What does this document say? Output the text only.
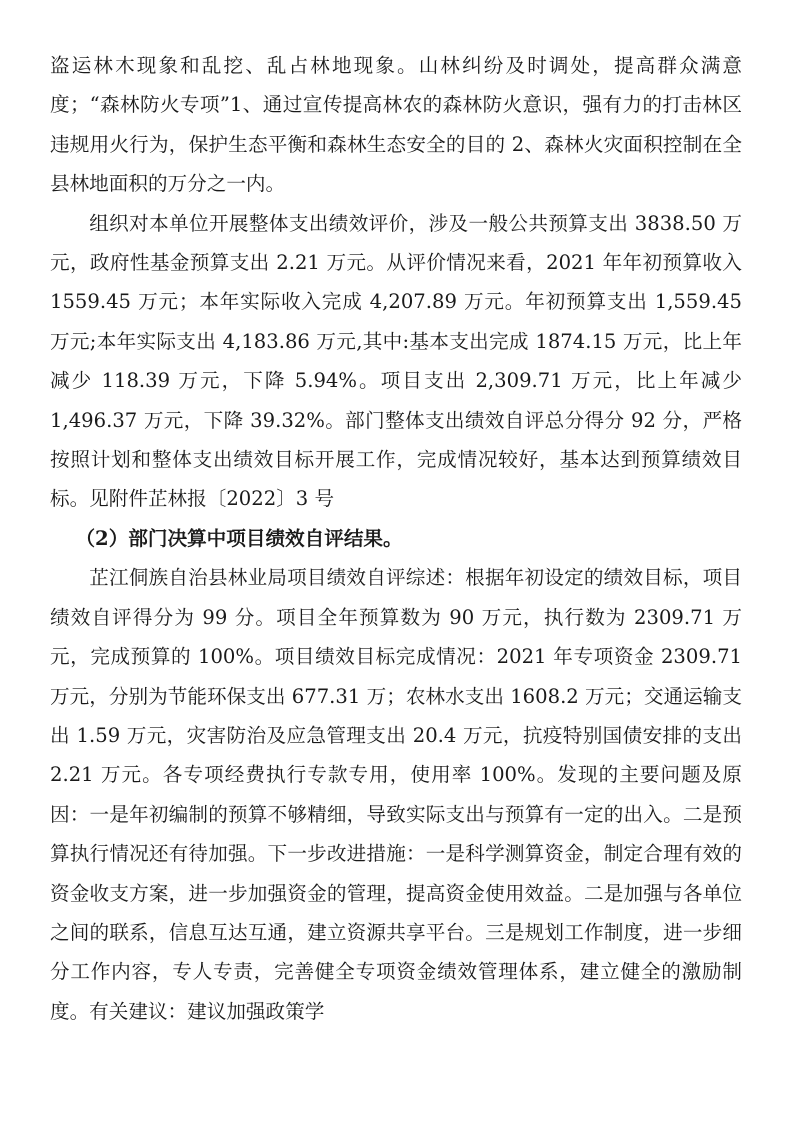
盗运林木现象和乱挖、乱占林地现象。山林纠纷及时调处，提高群众满意度；“森林防火专项”1、通过宣传提高林农的森林防火意识，强有力的打击林区违规用火行为，保护生态平衡和森林生态安全的目的 2、森林火灾面积控制在全县林地面积的万分之一内。

组织对本单位开展整体支出绩效评价，涉及一般公共预算支出 3838.50 万元，政府性基金预算支出 2.21 万元。从评价情况来看，2021 年年初预算收入 1559.45 万元；本年实际收入完成 4,207.89 万元。年初预算支出 1,559.45 万元;本年实际支出 4,183.86 万元,其中:基本支出完成 1874.15 万元，比上年减少 118.39 万元，下降 5.94%。项目支出 2,309.71 万元，比上年减少 1,496.37 万元，下降 39.32%。部门整体支出绩效自评总分得分 92 分，严格按照计划和整体支出绩效目标开展工作，完成情况较好，基本达到预算绩效目标。见附件芷林报〔2022〕3 号

（2）部门决算中项目绩效自评结果。

芷江侗族自治县林业局项目绩效自评综述：根据年初设定的绩效目标，项目绩效自评得分为 99 分。项目全年预算数为 90 万元，执行数为 2309.71 万元，完成预算的 100%。项目绩效目标完成情况：2021 年专项资金 2309.71 万元，分别为节能环保支出 677.31 万；农林水支出 1608.2 万元；交通运输支出 1.59 万元，灾害防治及应急管理支出 20.4 万元，抗疫特别国债安排的支出 2.21 万元。各专项经费执行专款专用，使用率 100%。发现的主要问题及原因：一是年初编制的预算不够精细，导致实际支出与预算有一定的出入。二是预算执行情况还有待加强。下一步改进措施：一是科学测算资金，制定合理有效的资金收支方案，进一步加强资金的管理，提高资金使用效益。二是加强与各单位之间的联系，信息互达互通，建立资源共享平台。三是规划工作制度，进一步细分工作内容，专人专责，完善健全专项资金绩效管理体系，建立健全的激励制度。有关建议：建议加强政策学
